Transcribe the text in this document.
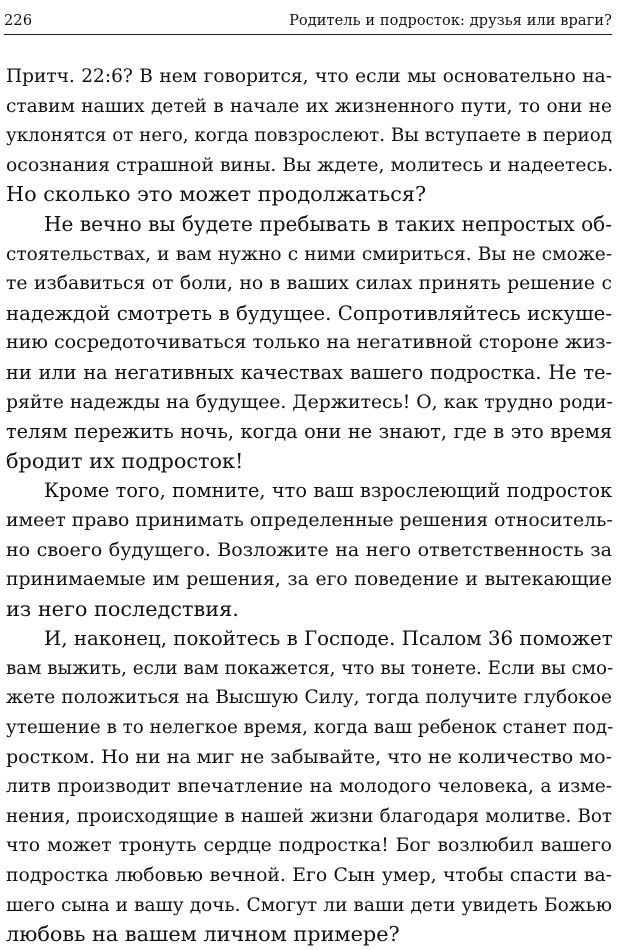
226	Родитель и подросток: друзья или враги?
Притч. 22:6? В нем говорится, что если мы основательно на-
ставим наших детей в начале их жизненного пути, то они не
уклонятся от него, когда повзрослеют. Вы вступаете в период
осознания страшной вины. Вы ждете, молитесь и надеетесь.
Но сколько это может продолжаться?
Не вечно вы будете пребывать в таких непростых об-
стоятельствах, и вам нужно с ними смириться. Вы не сможе-
те избавиться от боли, но в ваших силах принять решение с
надеждой смотреть в будущее. Сопротивляйтесь искуше-
нию сосредоточиваться только на негативной стороне жиз-
ни или на негативных качествах вашего подростка. Не те-
ряйте надежды на будущее. Держитесь! О, как трудно роди-
телям пережить ночь, когда они не знают, где в это время
бродит их подросток!
Кроме того, помните, что ваш взрослеющий подросток
имеет право принимать определенные решения относитель-
но своего будущего. Возложите на него ответственность за
принимаемые им решения, за его поведение и вытекающие
из него последствия.
И, наконец, покойтесь в Господе. Псалом 36 поможет
вам выжить, если вам покажется, что вы тонете. Если вы смо-
жете положиться на Высшую Силу, тогда получите глубокое
утешение в то нелегкое время, когда ваш ребенок станет под-
ростком. Но ни на миг не забывайте, что не количество мо-
литв производит впечатление на молодого человека, а изме-
нения, происходящие в нашей жизни благодаря молитве. Вот
что может тронуть сердце подростка! Бог возлюбил вашего
подростка любовью вечной. Его Сын умер, чтобы спасти ва-
шего сына и вашу дочь. Смогут ли ваши дети увидеть Божью
любовь на вашем личном примере?
